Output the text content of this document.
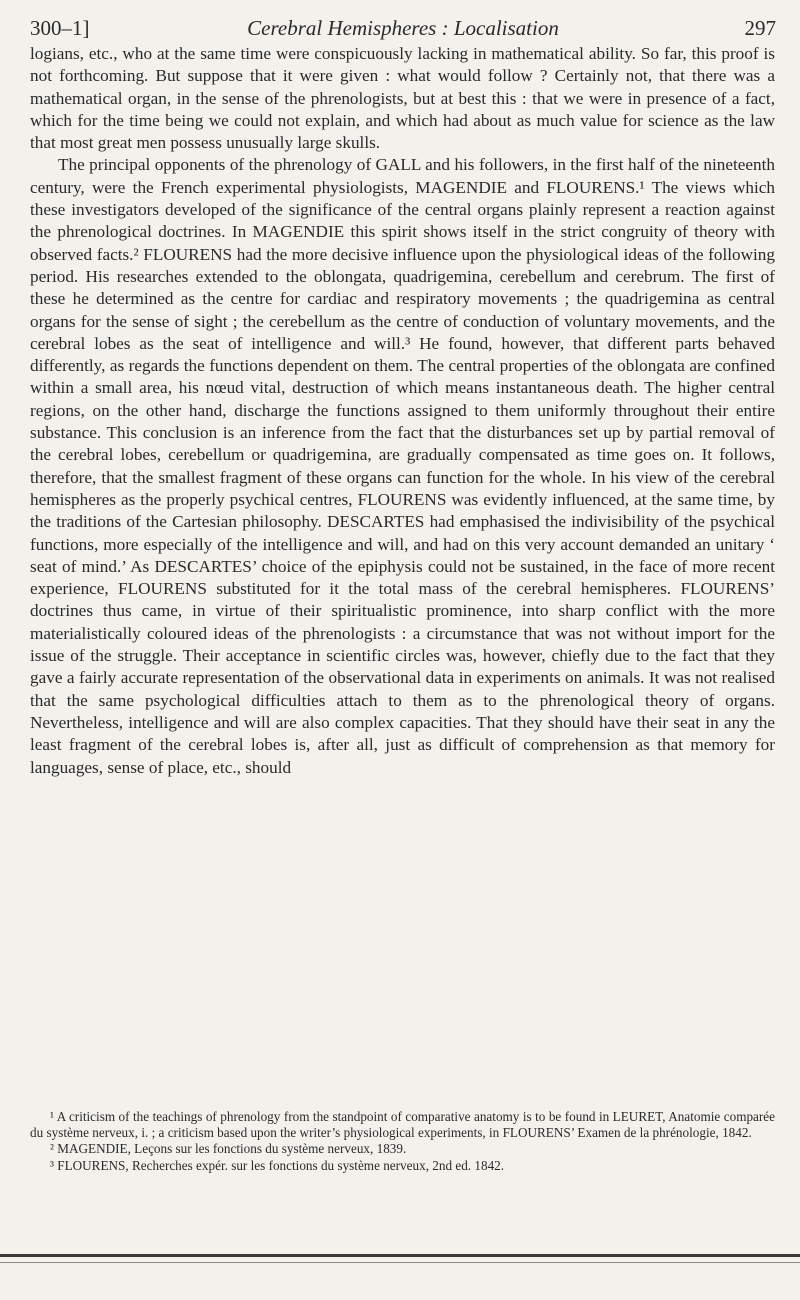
300–1]	Cerebral Hemispheres : Localisation	297

logians, etc., who at the same time were conspicuously lacking in mathematical ability. So far, this proof is not forthcoming. But suppose that it were given : what would follow ? Certainly not, that there was a mathematical organ, in the sense of the phrenologists, but at best this : that we were in presence of a fact, which for the time being we could not explain, and which had about as much value for science as the law that most great men possess unusually large skulls.

The principal opponents of the phrenology of GALL and his followers, in the first half of the nineteenth century, were the French experimental physiologists, MAGENDIE and FLOURENS.¹ The views which these investigators developed of the significance of the central organs plainly represent a reaction against the phrenological doctrines. In MAGENDIE this spirit shows itself in the strict congruity of theory with observed facts.² FLOURENS had the more decisive influence upon the physiological ideas of the following period. His researches extended to the oblongata, quadrigemina, cerebellum and cerebrum. The first of these he determined as the centre for cardiac and respiratory movements ; the quadrigemina as central organs for the sense of sight ; the cerebellum as the centre of conduction of voluntary movements, and the cerebral lobes as the seat of intelligence and will.³ He found, however, that different parts behaved differently, as regards the functions dependent on them. The central properties of the oblongata are confined within a small area, his nœud vital, destruction of which means instantaneous death. The higher central regions, on the other hand, discharge the functions assigned to them uniformly throughout their entire substance. This conclusion is an inference from the fact that the disturbances set up by partial removal of the cerebral lobes, cerebellum or quadrigemina, are gradually compensated as time goes on. It follows, therefore, that the smallest fragment of these organs can function for the whole. In his view of the cerebral hemispheres as the properly psychical centres, FLOURENS was evidently influenced, at the same time, by the traditions of the Cartesian philosophy. DESCARTES had emphasised the indivisibility of the psychical functions, more especially of the intelligence and will, and had on this very account demanded an unitary ‘ seat of mind.’ As DESCARTES’ choice of the epiphysis could not be sustained, in the face of more recent experience, FLOURENS substituted for it the total mass of the cerebral hemispheres. FLOURENS’ doctrines thus came, in virtue of their spiritualistic prominence, into sharp conflict with the more materialistically coloured ideas of the phrenologists : a circumstance that was not without import for the issue of the struggle. Their acceptance in scientific circles was, however, chiefly due to the fact that they gave a fairly accurate representation of the observational data in experiments on animals. It was not realised that the same psychological difficulties attach to them as to the phrenological theory of organs. Nevertheless, intelligence and will are also complex capacities. That they should have their seat in any the least fragment of the cerebral lobes is, after all, just as difficult of comprehension as that memory for languages, sense of place, etc., should

¹ A criticism of the teachings of phrenology from the standpoint of comparative anatomy is to be found in LEURET, Anatomie comparée du système nerveux, i. ; a criticism based upon the writer’s physiological experiments, in FLOURENS’ Examen de la phrénologie, 1842.

² MAGENDIE, Leçons sur les fonctions du système nerveux, 1839.

³ FLOURENS, Recherches expér. sur les fonctions du système nerveux, 2nd ed. 1842.
